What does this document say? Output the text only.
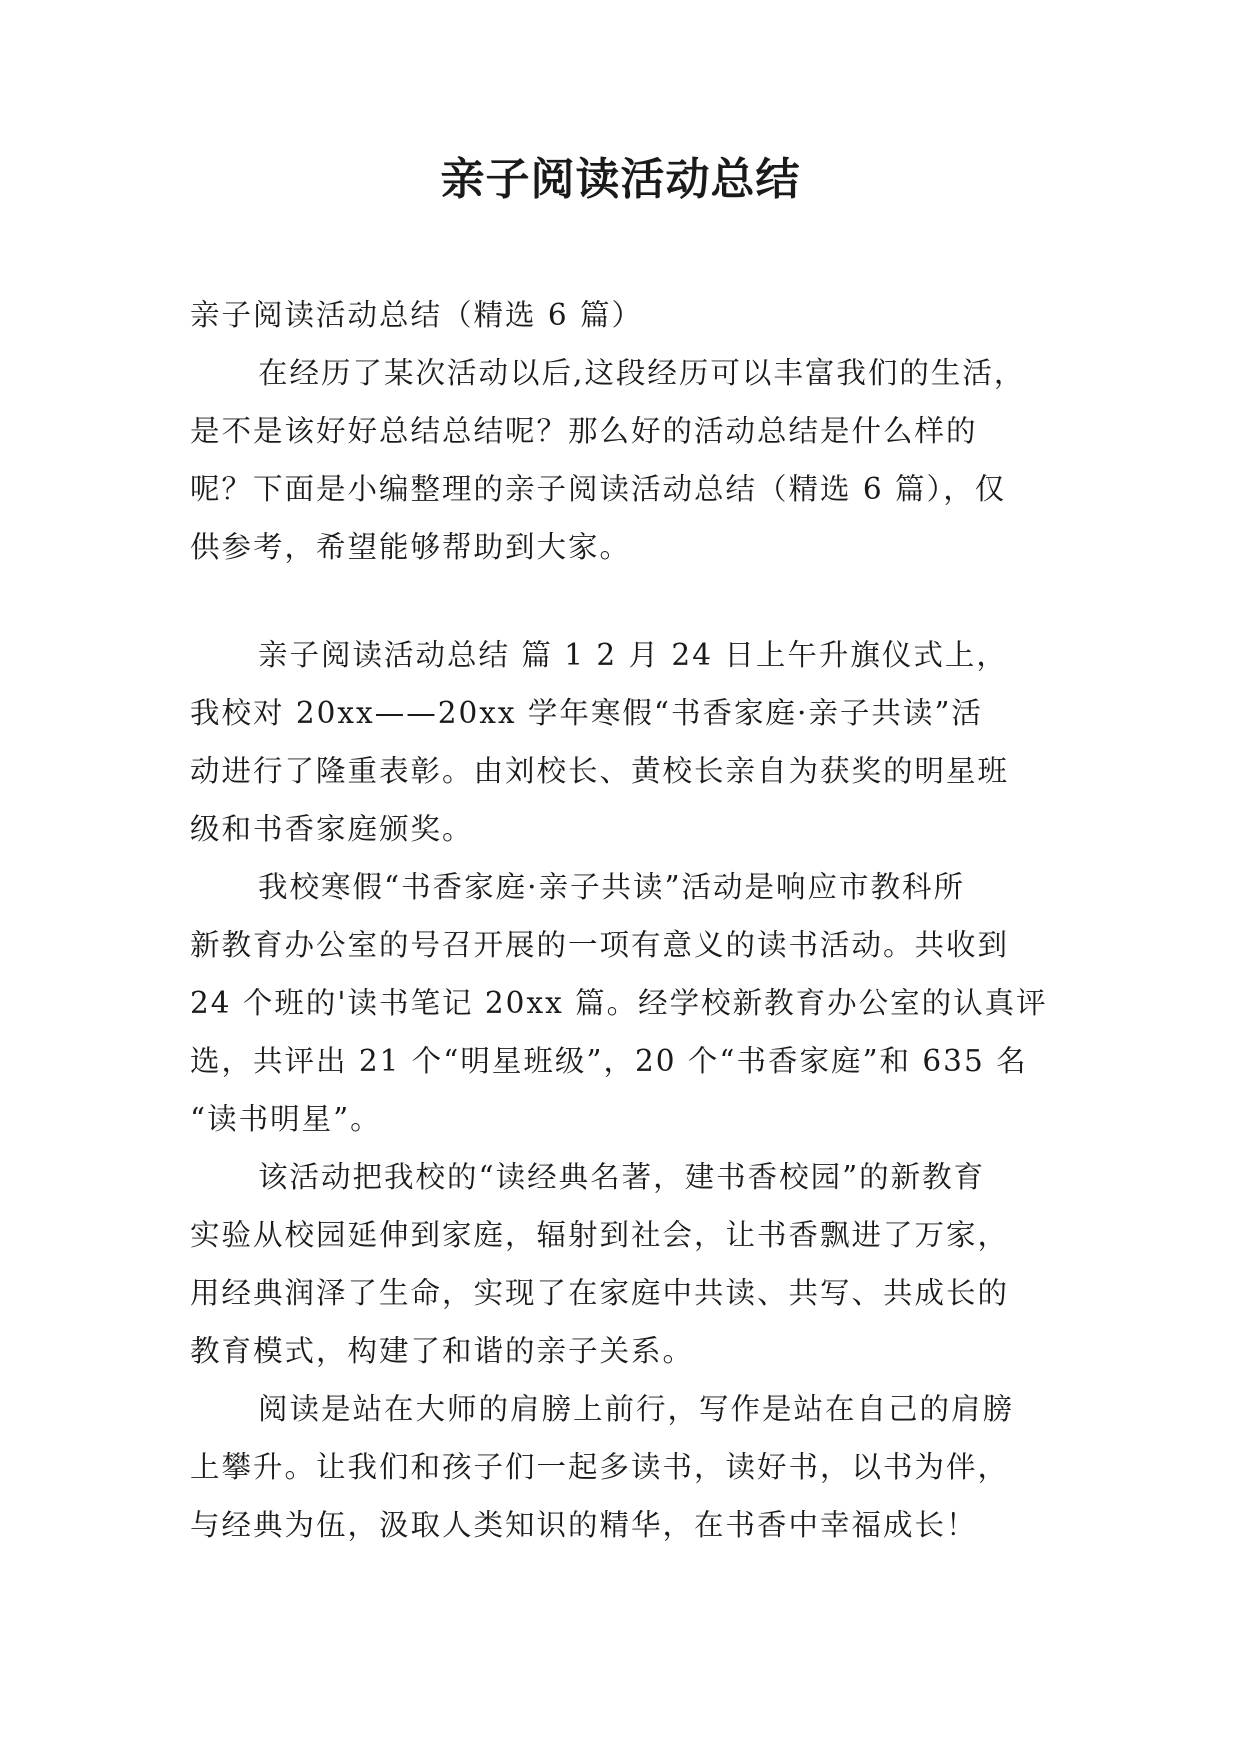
亲子阅读活动总结
亲子阅读活动总结（精选 6 篇）
在经历了某次活动以后,这段经历可以丰富我们的生活，
是不是该好好总结总结呢？那么好的活动总结是什么样的
呢？下面是小编整理的亲子阅读活动总结（精选 6 篇），仅
供参考，希望能够帮助到大家。
亲子阅读活动总结 篇 1 2 月 24 日上午升旗仪式上，
我校对 20xx——20xx 学年寒假“书香家庭·亲子共读”活
动进行了隆重表彰。由刘校长、黄校长亲自为获奖的明星班
级和书香家庭颁奖。
我校寒假“书香家庭·亲子共读”活动是响应市教科所
新教育办公室的号召开展的一项有意义的读书活动。共收到
24 个班的'读书笔记 20xx 篇。经学校新教育办公室的认真评
选，共评出 21 个“明星班级”，20 个“书香家庭”和 635 名
“读书明星”。
该活动把我校的“读经典名著，建书香校园”的新教育
实验从校园延伸到家庭，辐射到社会，让书香飘进了万家，
用经典润泽了生命，实现了在家庭中共读、共写、共成长的
教育模式，构建了和谐的亲子关系。
阅读是站在大师的肩膀上前行，写作是站在自己的肩膀
上攀升。让我们和孩子们一起多读书，读好书，以书为伴，
与经典为伍，汲取人类知识的精华，在书香中幸福成长！
